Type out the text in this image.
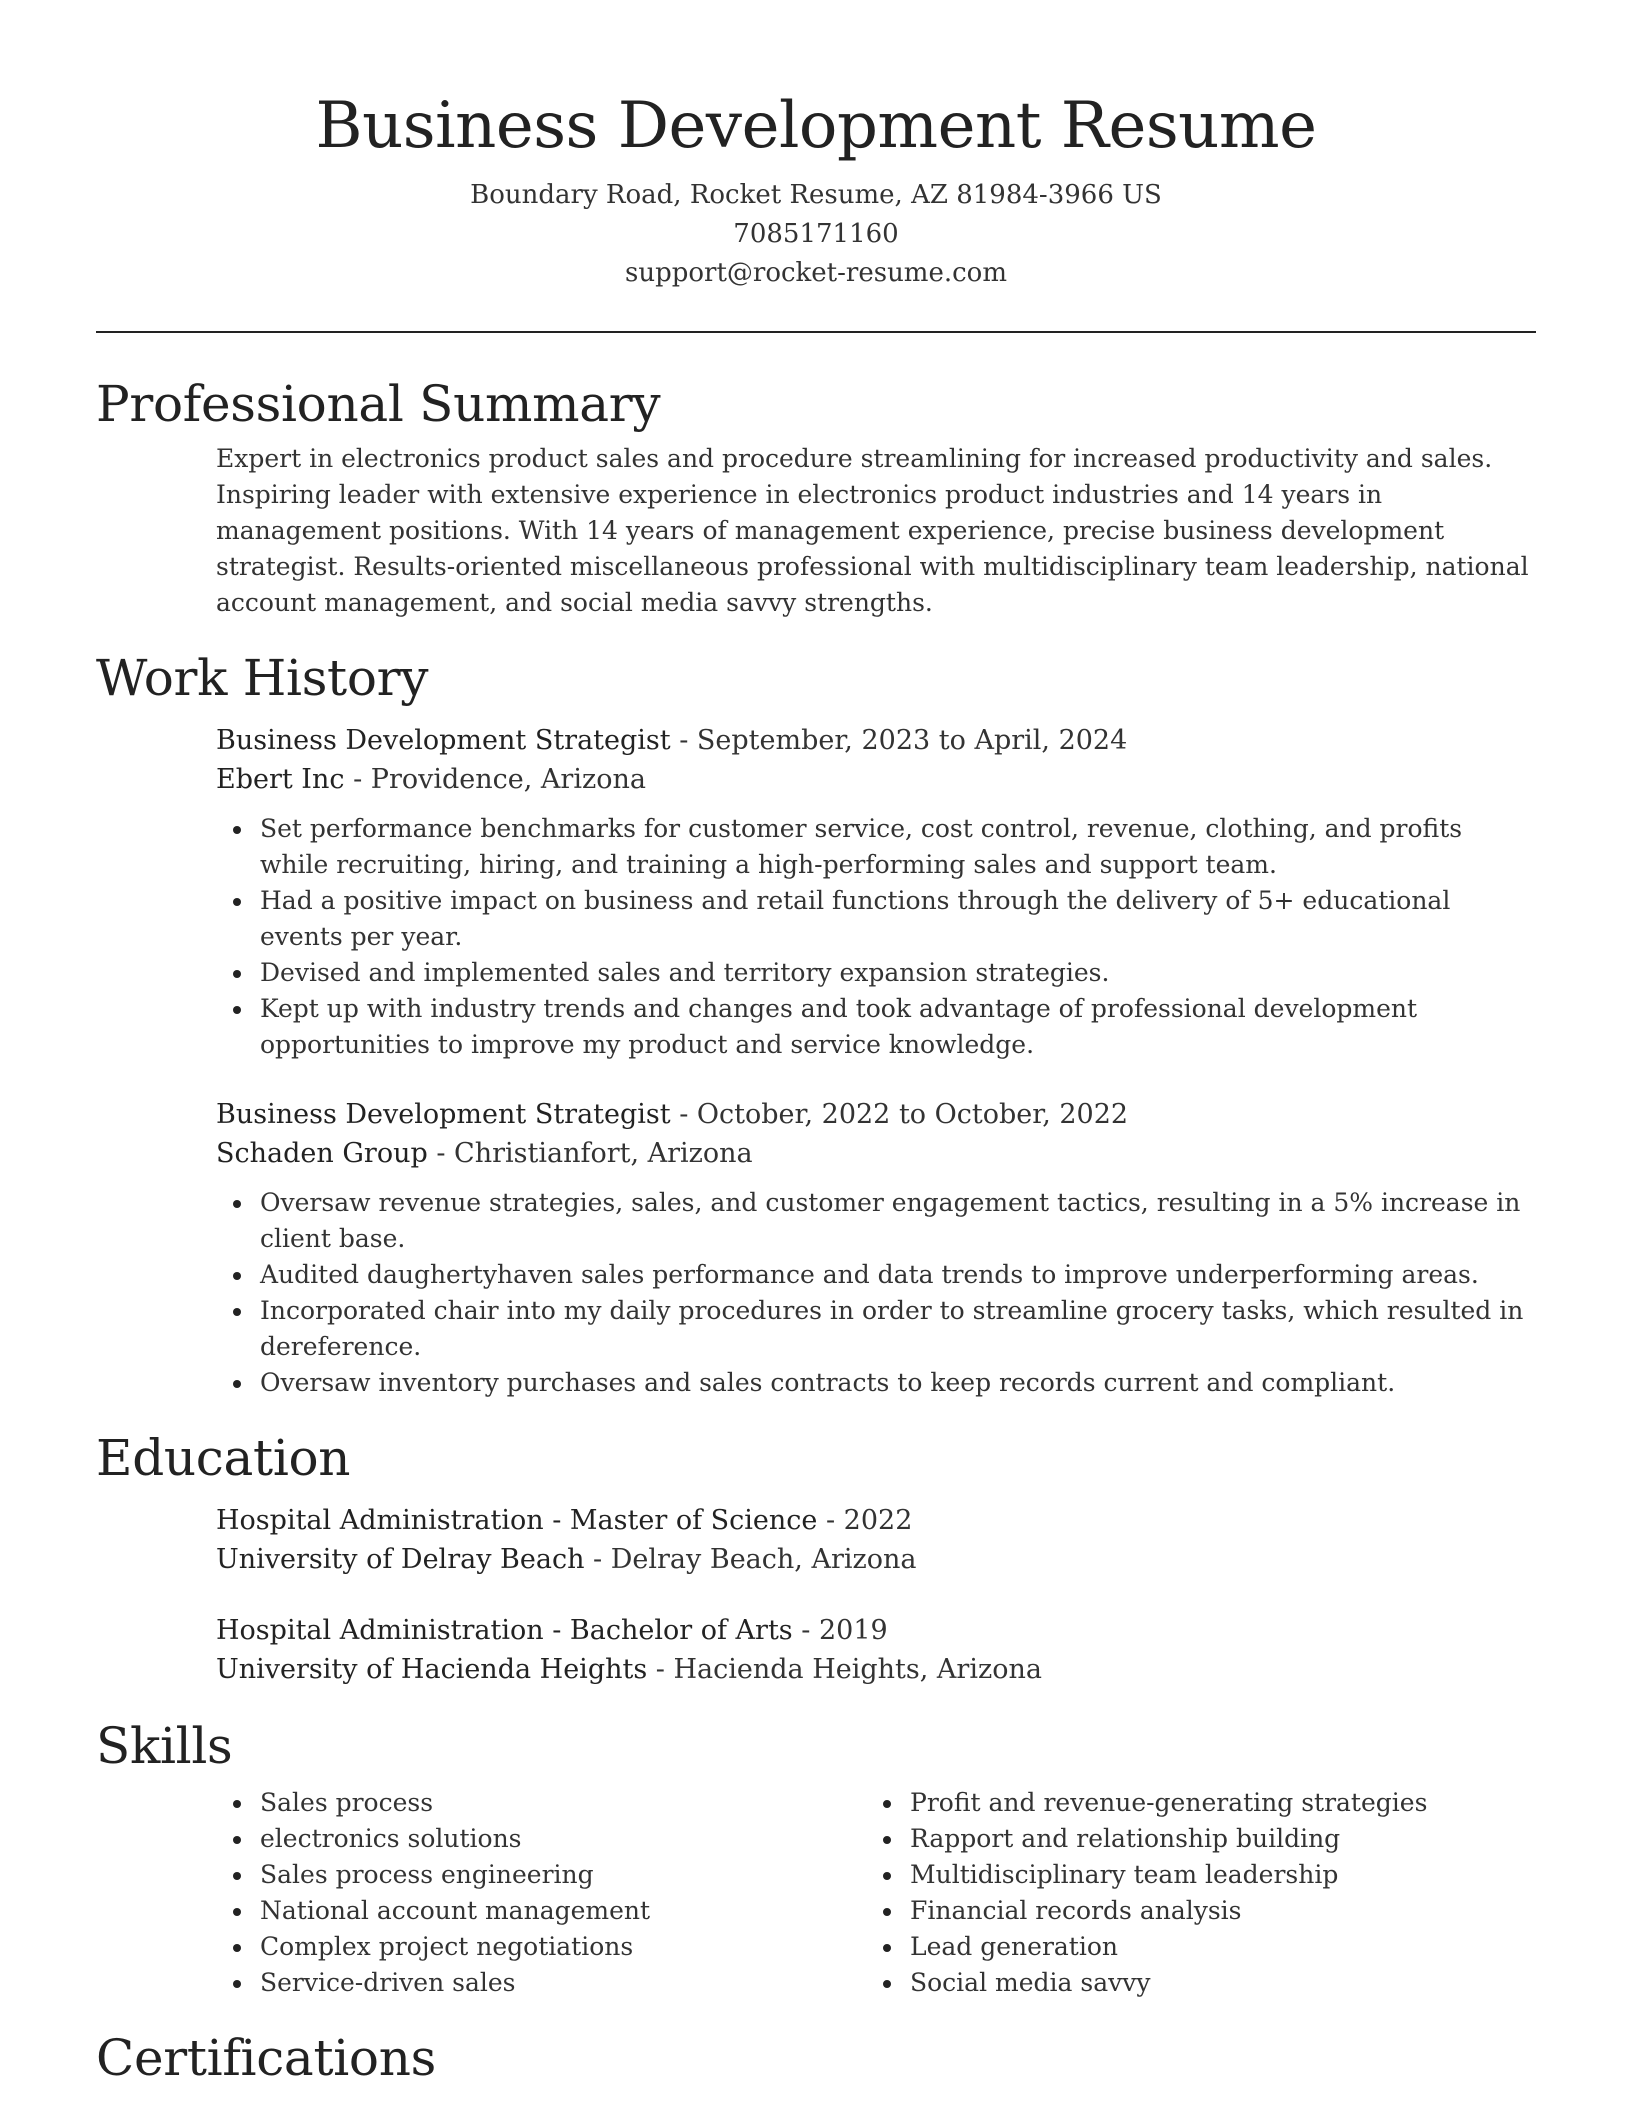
Business Development Resume
Boundary Road, Rocket Resume, AZ 81984-3966 US
7085171160
support@rocket-resume.com
Professional Summary

Expert in electronics product sales and procedure streamlining for increased productivity and sales. Inspiring leader with extensive experience in electronics product industries and 14 years in management positions. With 14 years of management experience, precise business development strategist. Results-oriented miscellaneous professional with multidisciplinary team leadership, national account management, and social media savvy strengths.

Work History
Business Development Strategist - September, 2023 to April, 2024
Ebert Inc - Providence, Arizona
Set performance benchmarks for customer service, cost control, revenue, clothing, and profits while recruiting, hiring, and training a high-performing sales and support team.
Had a positive impact on business and retail functions through the delivery of 5+ educational events per year.
Devised and implemented sales and territory expansion strategies.
Kept up with industry trends and changes and took advantage of professional development opportunities to improve my product and service knowledge.
Business Development Strategist - October, 2022 to October, 2022
Schaden Group - Christianfort, Arizona
Oversaw revenue strategies, sales, and customer engagement tactics, resulting in a 5% increase in client base.
Audited daughertyhaven sales performance and data trends to improve underperforming areas.
Incorporated chair into my daily procedures in order to streamline grocery tasks, which resulted in dereference.
Oversaw inventory purchases and sales contracts to keep records current and compliant.
Education
Hospital Administration - Master of Science - 2022
University of Delray Beach - Delray Beach, Arizona
Hospital Administration - Bachelor of Arts - 2019
University of Hacienda Heights - Hacienda Heights, Arizona
Skills
Sales process
electronics solutions
Sales process engineering
National account management
Complex project negotiations
Service-driven sales
Profit and revenue-generating strategies
Rapport and relationship building
Multidisciplinary team leadership
Financial records analysis
Lead generation
Social media savvy
Certifications
